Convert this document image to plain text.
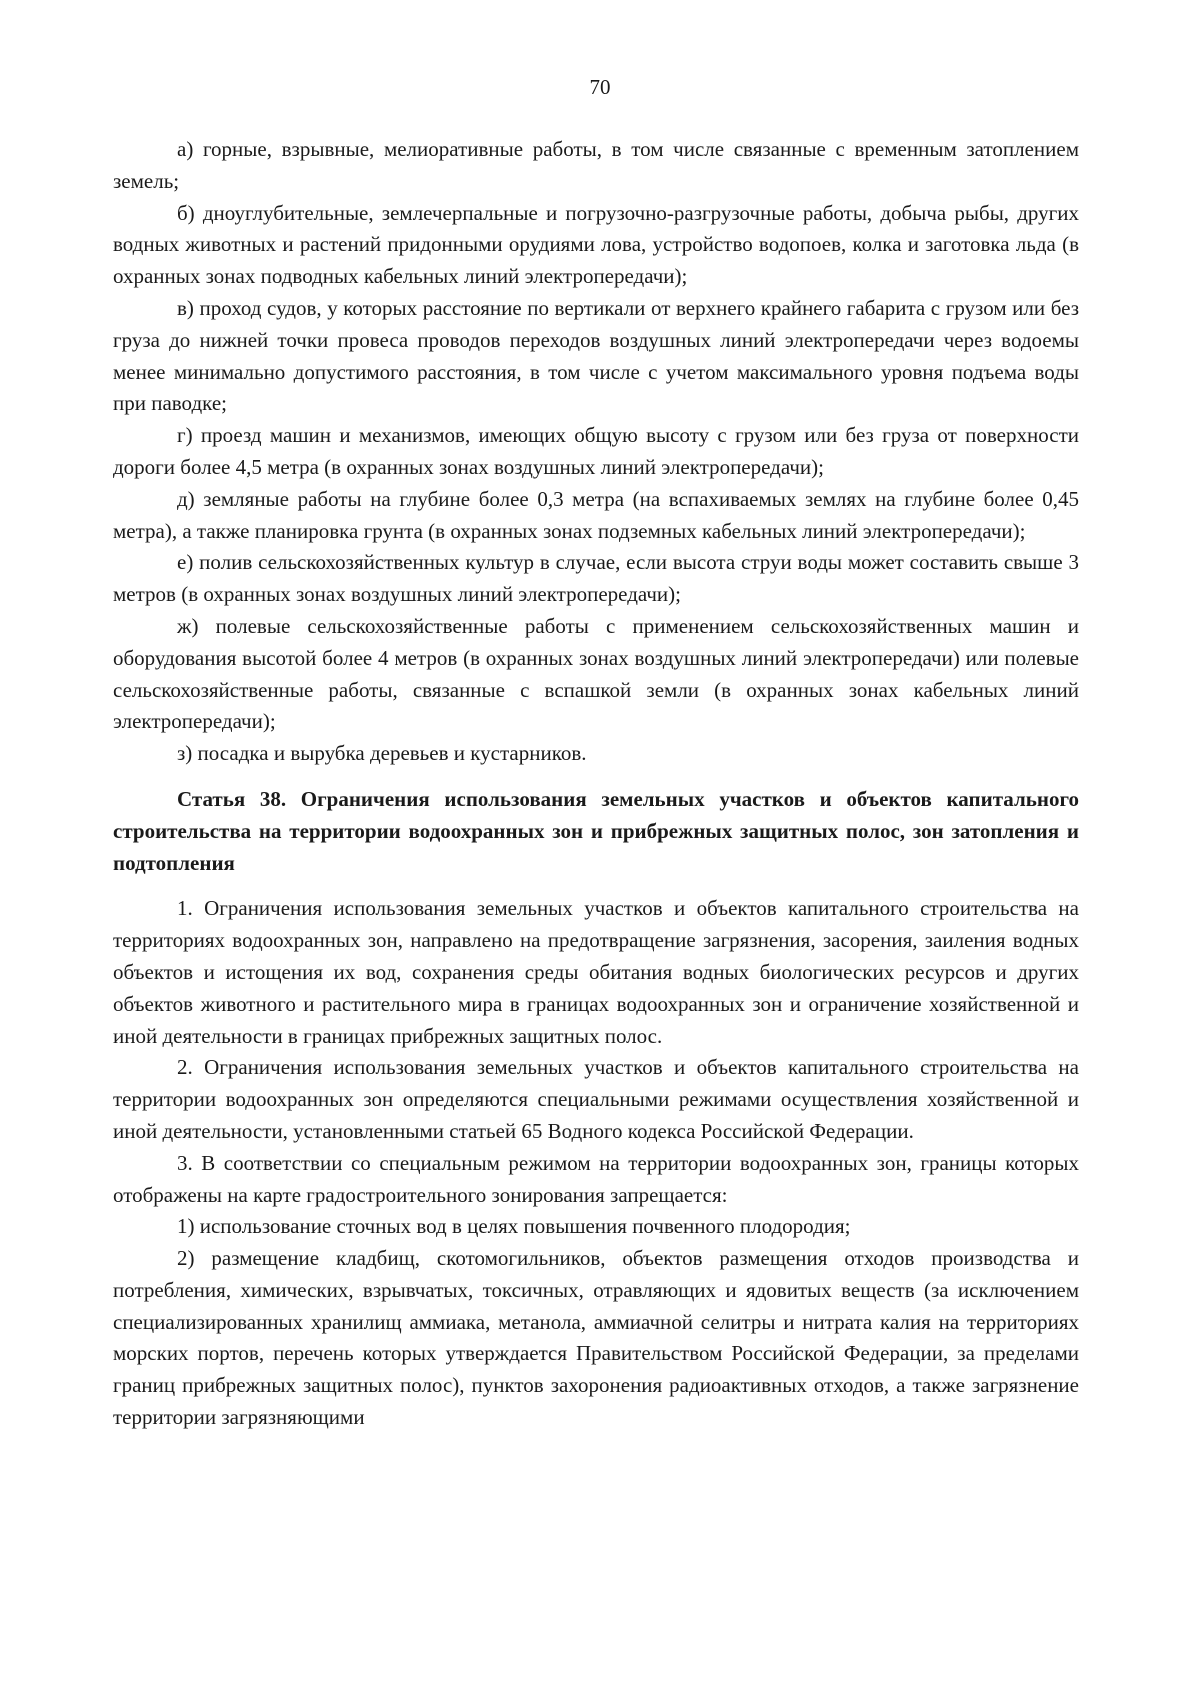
70

а) горные, взрывные, мелиоративные работы, в том числе связанные с временным затоплением земель;

б) дноуглубительные, землечерпальные и погрузочно-разгрузочные работы, добыча рыбы, других водных животных и растений придонными орудиями лова, устройство водопоев, колка и заготовка льда (в охранных зонах подводных кабельных линий электропередачи);

в) проход судов, у которых расстояние по вертикали от верхнего крайнего габарита с грузом или без груза до нижней точки провеса проводов переходов воздушных линий электропередачи через водоемы менее минимально допустимого расстояния, в том числе с учетом максимального уровня подъема воды при паводке;

г) проезд машин и механизмов, имеющих общую высоту с грузом или без груза от поверхности дороги более 4,5 метра (в охранных зонах воздушных линий электропередачи);

д) земляные работы на глубине более 0,3 метра (на вспахиваемых землях на глубине более 0,45 метра), а также планировка грунта (в охранных зонах подземных кабельных линий электропередачи);

е) полив сельскохозяйственных культур в случае, если высота струи воды может составить свыше 3 метров (в охранных зонах воздушных линий электропередачи);

ж) полевые сельскохозяйственные работы с применением сельскохозяйственных машин и оборудования высотой более 4 метров (в охранных зонах воздушных линий электропередачи) или полевые сельскохозяйственные работы, связанные с вспашкой земли (в охранных зонах кабельных линий электропередачи);

з) посадка и вырубка деревьев и кустарников.

Статья 38. Ограничения использования земельных участков и объектов капитального строительства на территории водоохранных зон и прибрежных защитных полос, зон затопления и подтопления

1. Ограничения использования земельных участков и объектов капитального строительства на территориях водоохранных зон, направлено на предотвращение загрязнения, засорения, заиления водных объектов и истощения их вод, сохранения среды обитания водных биологических ресурсов и других объектов животного и растительного мира в границах водоохранных зон и ограничение хозяйственной и иной деятельности в границах прибрежных защитных полос.

2. Ограничения использования земельных участков и объектов капитального строительства на территории водоохранных зон определяются специальными режимами осуществления хозяйственной и иной деятельности, установленными статьей 65 Водного кодекса Российской Федерации.

3. В соответствии со специальным режимом на территории водоохранных зон, границы которых отображены на карте градостроительного зонирования запрещается:

1) использование сточных вод в целях повышения почвенного плодородия;

2) размещение кладбищ, скотомогильников, объектов размещения отходов производства и потребления, химических, взрывчатых, токсичных, отравляющих и ядовитых веществ (за исключением специализированных хранилищ аммиака, метанола, аммиачной селитры и нитрата калия на территориях морских портов, перечень которых утверждается Правительством Российской Федерации, за пределами границ прибрежных защитных полос), пунктов захоронения радиоактивных отходов, а также загрязнение территории загрязняющими
